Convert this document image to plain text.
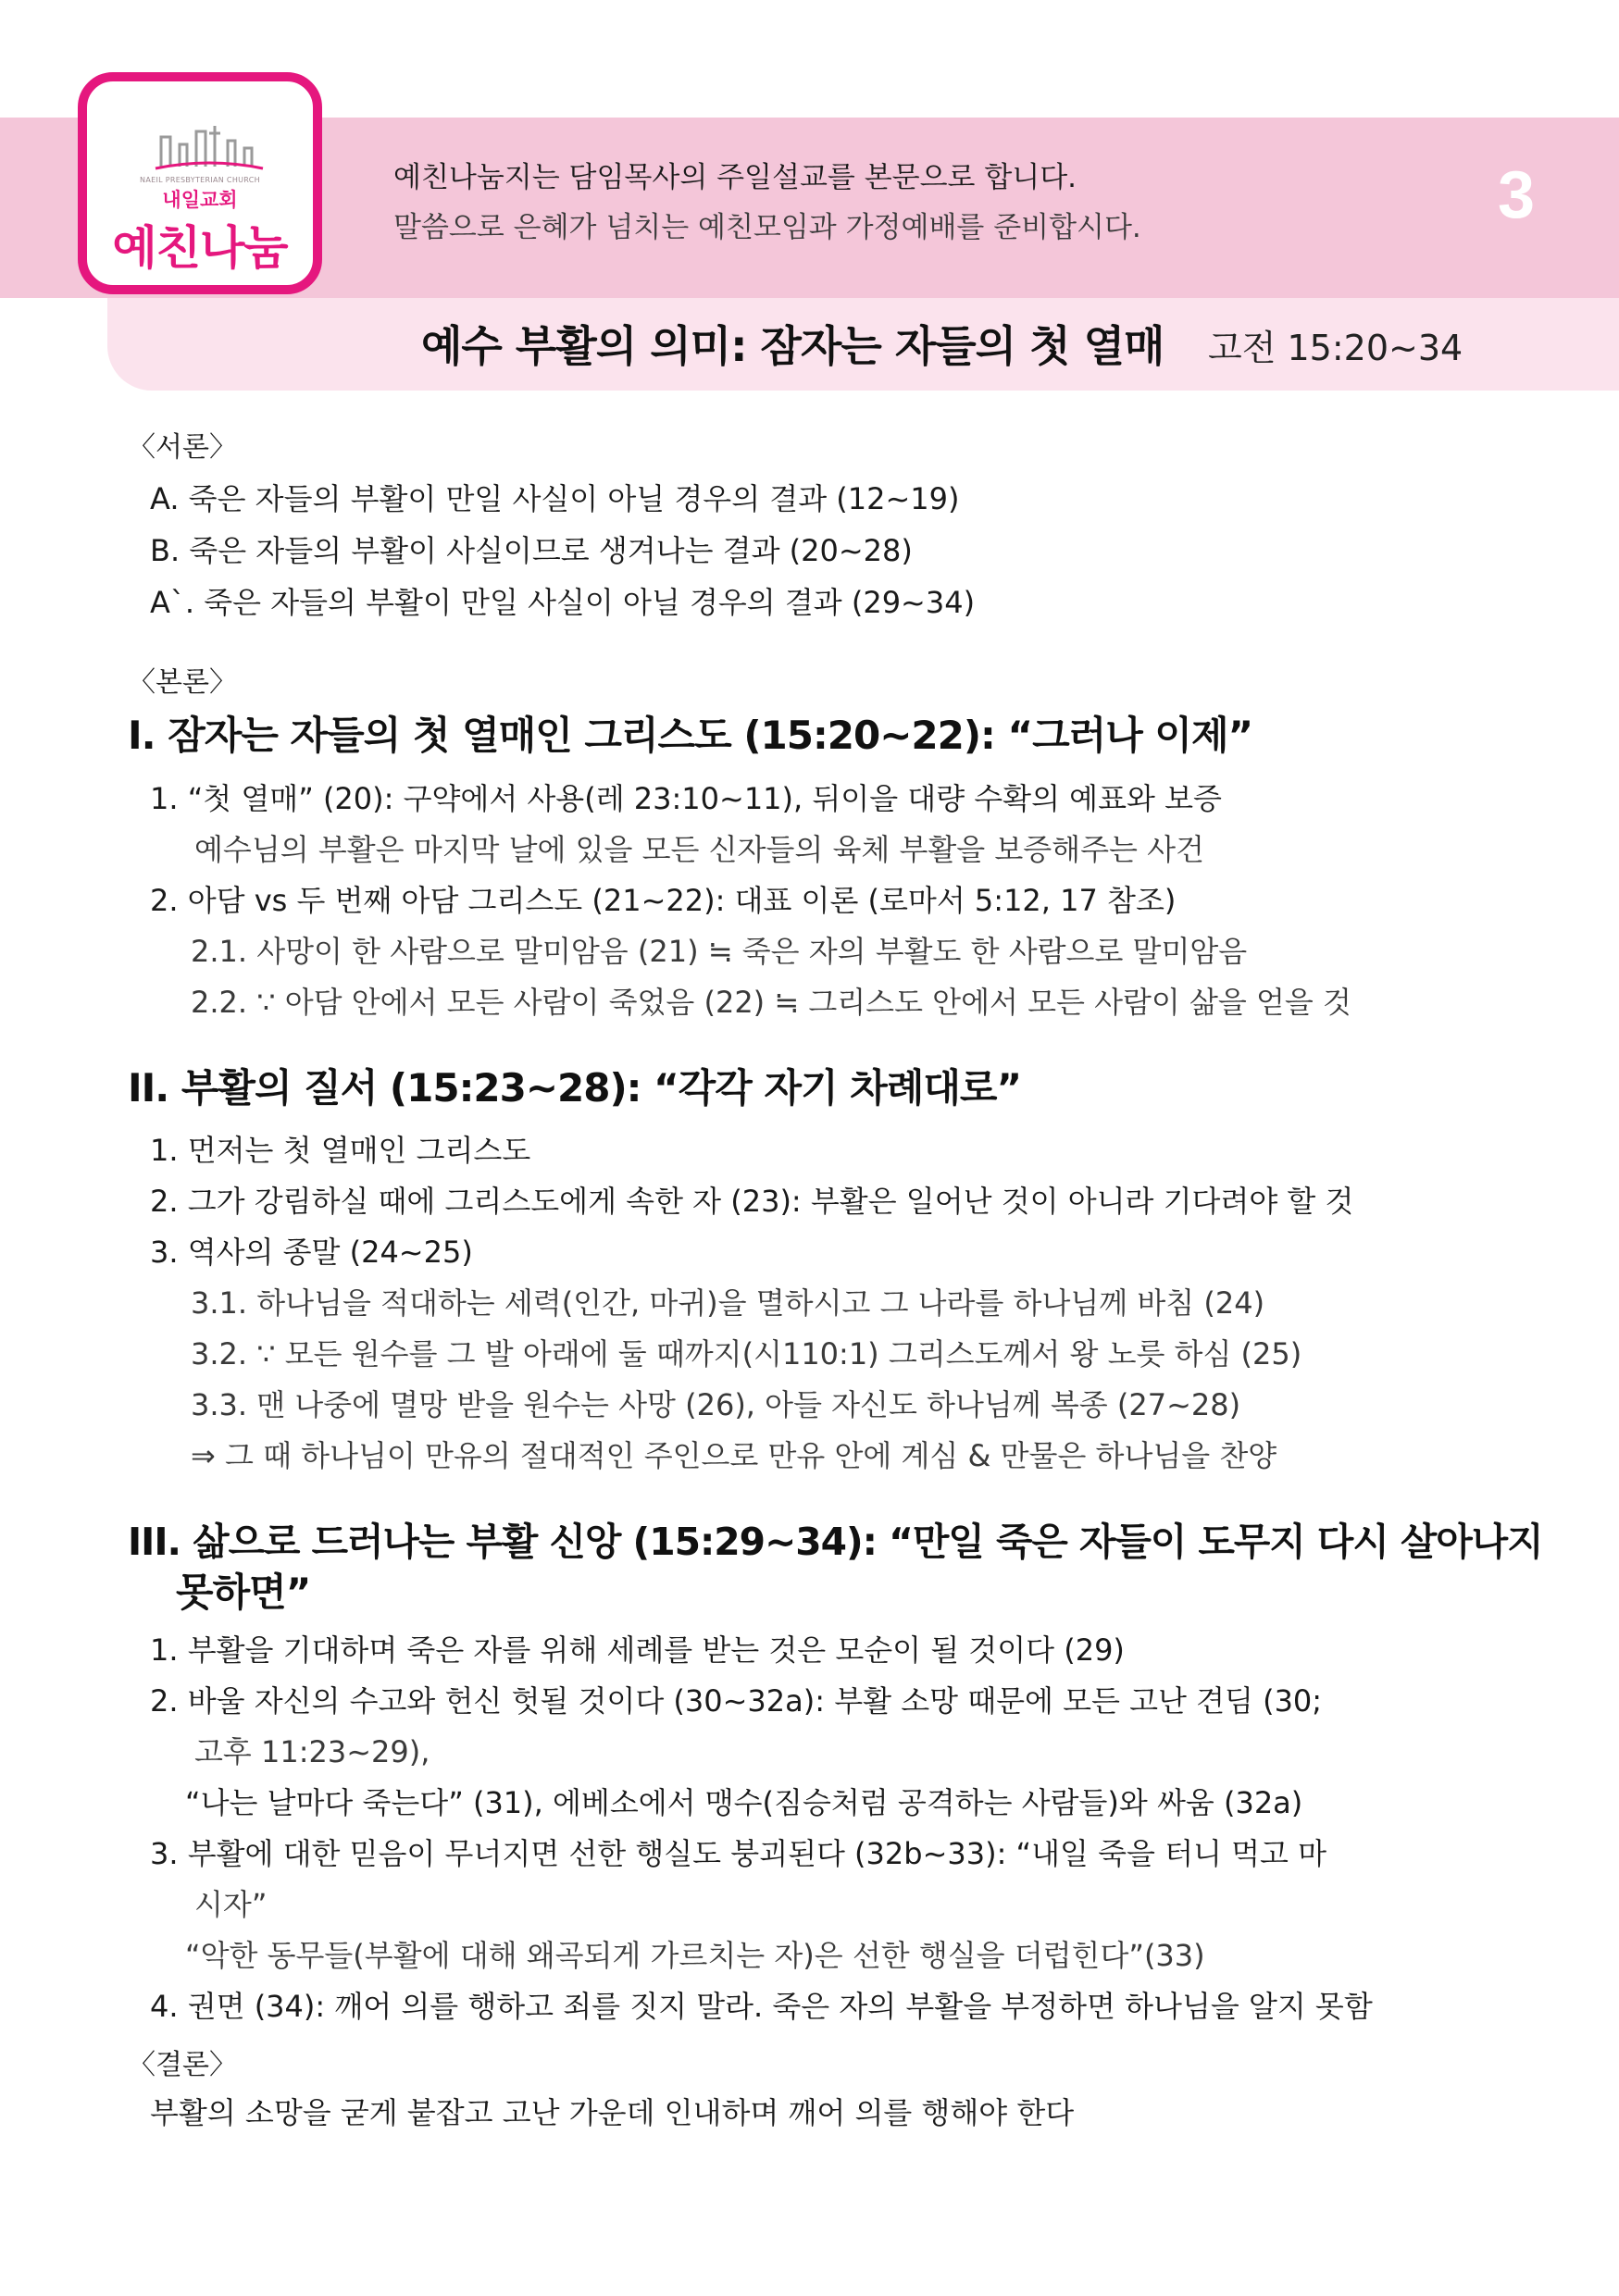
NAEIL PRESBYTERIAN CHURCH
내일교회
예친나눔
예친나눔지는 담임목사의 주일설교를 본문으로 합니다.
말씀으로 은혜가 넘치는 예친모임과 가정예배를 준비합시다.	3
예수 부활의 의미: 잠자는 자들의 첫 열매 고전 15:20~34
〈서론〉
A. 죽은 자들의 부활이 만일 사실이 아닐 경우의 결과 (12~19)
B. 죽은 자들의 부활이 사실이므로 생겨나는 결과 (20~28)
A`. 죽은 자들의 부활이 만일 사실이 아닐 경우의 결과 (29~34)
〈본론〉
I. 잠자는 자들의 첫 열매인 그리스도 (15:20~22): “그러나 이제”
1. “첫 열매” (20): 구약에서 사용(레 23:10~11), 뒤이을 대량 수확의 예표와 보증
예수님의 부활은 마지막 날에 있을 모든 신자들의 육체 부활을 보증해주는 사건
2. 아담 vs 두 번째 아담 그리스도 (21~22): 대표 이론 (로마서 5:12, 17 참조)
2.1. 사망이 한 사람으로 말미암음 (21) ≒ 죽은 자의 부활도 한 사람으로 말미암음
2.2. ∵ 아담 안에서 모든 사람이 죽었음 (22) ≒ 그리스도 안에서 모든 사람이 삶을 얻을 것
II. 부활의 질서 (15:23~28): “각각 자기 차례대로”
1. 먼저는 첫 열매인 그리스도
2. 그가 강림하실 때에 그리스도에게 속한 자 (23): 부활은 일어난 것이 아니라 기다려야 할 것
3. 역사의 종말 (24~25)
3.1. 하나님을 적대하는 세력(인간, 마귀)을 멸하시고 그 나라를 하나님께 바침 (24)
3.2. ∵ 모든 원수를 그 발 아래에 둘 때까지(시110:1) 그리스도께서 왕 노릇 하심 (25)
3.3. 맨 나중에 멸망 받을 원수는 사망 (26), 아들 자신도 하나님께 복종 (27~28)
⇒ 그 때 하나님이 만유의 절대적인 주인으로 만유 안에 계심 & 만물은 하나님을 찬양
III. 삶으로 드러나는 부활 신앙 (15:29~34): “만일 죽은 자들이 도무지 다시 살아나지
못하면”
1. 부활을 기대하며 죽은 자를 위해 세례를 받는 것은 모순이 될 것이다 (29)
2. 바울 자신의 수고와 헌신 헛될 것이다 (30~32a): 부활 소망 때문에 모든 고난 견딤 (30;
고후 11:23~29),
“나는 날마다 죽는다” (31), 에베소에서 맹수(짐승처럼 공격하는 사람들)와 싸움 (32a)
3. 부활에 대한 믿음이 무너지면 선한 행실도 붕괴된다 (32b~33): “내일 죽을 터니 먹고 마
시자”
“악한 동무들(부활에 대해 왜곡되게 가르치는 자)은 선한 행실을 더럽힌다”(33)
4. 권면 (34): 깨어 의를 행하고 죄를 짓지 말라. 죽은 자의 부활을 부정하면 하나님을 알지 못함
〈결론〉
부활의 소망을 굳게 붙잡고 고난 가운데 인내하며 깨어 의를 행해야 한다
